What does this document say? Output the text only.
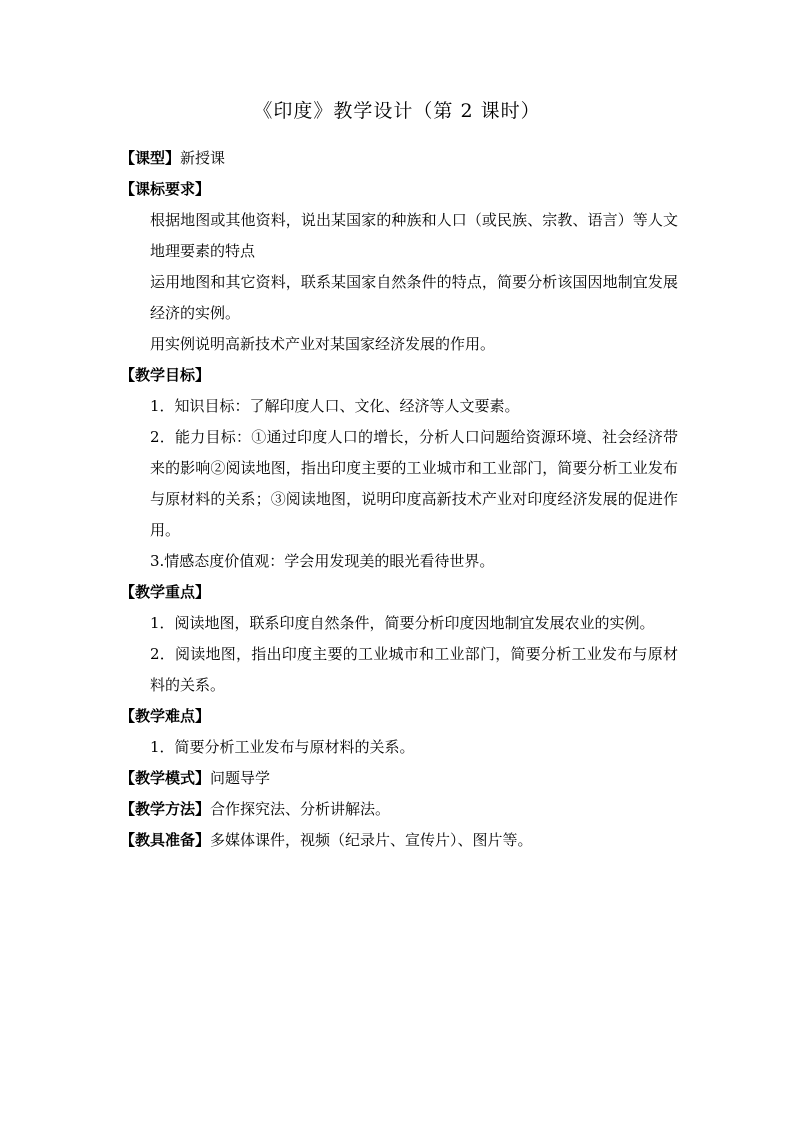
《印度》教学设计（第 2 课时）

【课型】新授课

【课标要求】

根据地图或其他资料，说出某国家的种族和人口（或民族、宗教、语言）等人文地理要素的特点

运用地图和其它资料，联系某国家自然条件的特点，简要分析该国因地制宜发展经济的实例。

用实例说明高新技术产业对某国家经济发展的作用。

【教学目标】

1．知识目标：了解印度人口、文化、经济等人文要素。

2．能力目标：①通过印度人口的增长，分析人口问题给资源环境、社会经济带来的影响②阅读地图，指出印度主要的工业城市和工业部门，简要分析工业发布与原材料的关系；③阅读地图，说明印度高新技术产业对印度经济发展的促进作用。

3.情感态度价值观：学会用发现美的眼光看待世界。

【教学重点】

1．阅读地图，联系印度自然条件，简要分析印度因地制宜发展农业的实例。

2．阅读地图，指出印度主要的工业城市和工业部门，简要分析工业发布与原材料的关系。

【教学难点】

1．简要分析工业发布与原材料的关系。

【教学模式】问题导学

【教学方法】合作探究法、分析讲解法。

【教具准备】多媒体课件，视频（纪录片、宣传片）、图片等。
